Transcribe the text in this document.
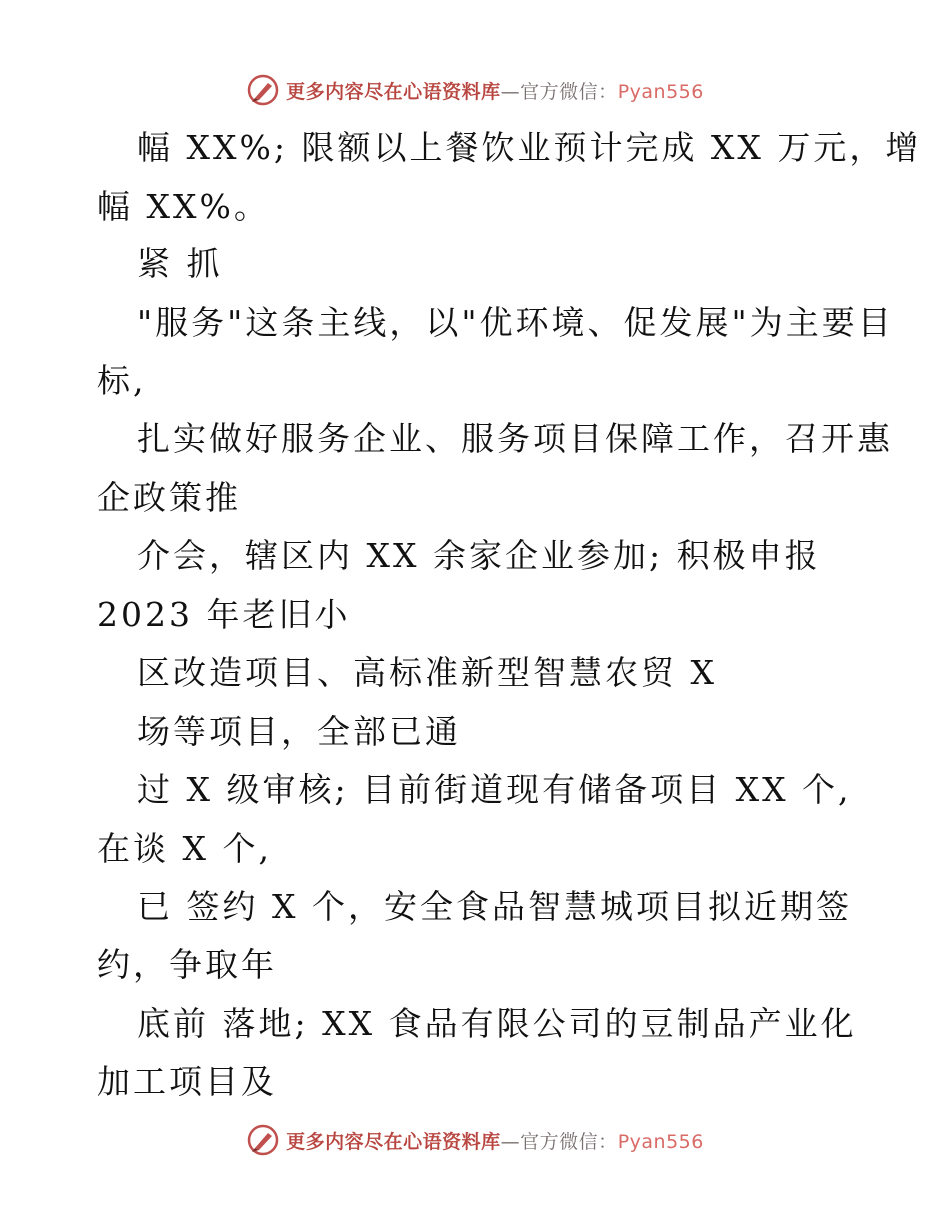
更多内容尽在心语资料库—官方微信：Pyan556
幅 XX%; 限额以上餐饮业预计完成 XX 万元，增
幅 XX%。
紧 抓
"服务"这条主线，以"优环境、促发展"为主要目
标,
扎实做好服务企业、服务项目保障工作，召开惠
企政策推
介会，辖区内 XX 余家企业参加; 积极申报
2023 年老旧小
区改造项目、高标准新型智慧农贸 X
场等项目，全部已通
过 X 级审核; 目前街道现有储备项目 XX 个,
在谈 X 个,
已 签约 X 个，安全食品智慧城项目拟近期签
约，争取年
底前 落地; XX 食品有限公司的豆制品产业化
加工项目及
更多内容尽在心语资料库—官方微信：Pyan556
